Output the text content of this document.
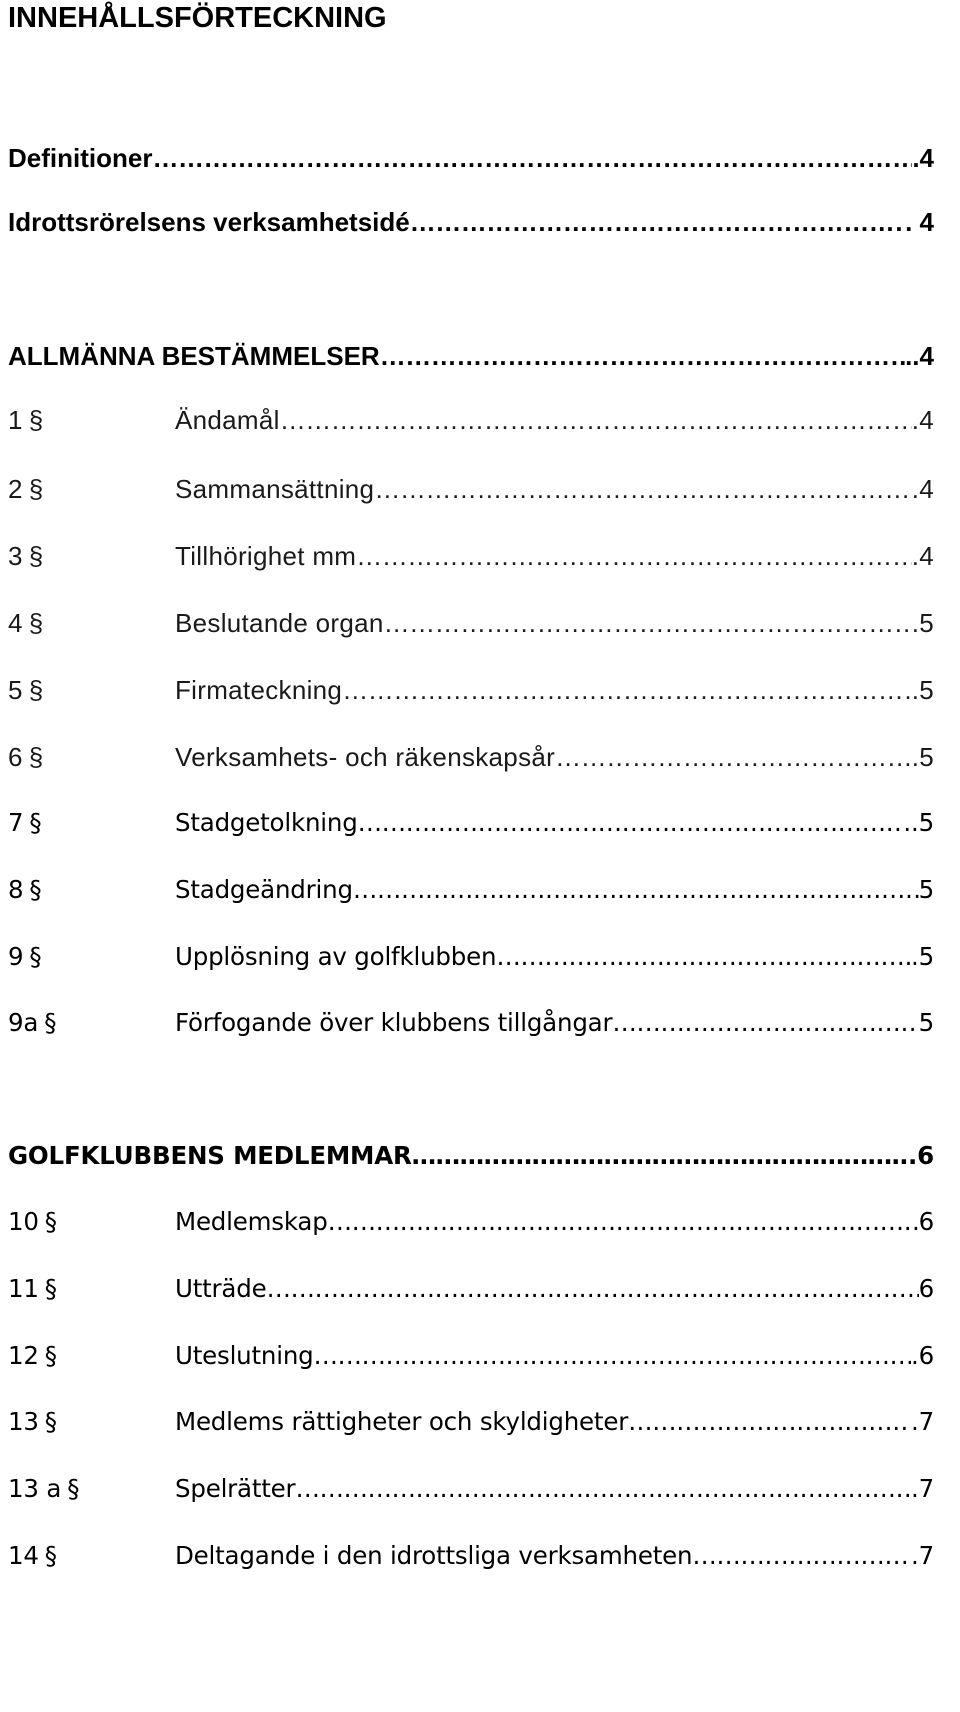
INNEHÅLLSFÖRTECKNING
Definitioner ……………………………………………………………………………………………………………………………………………………	.4
Idrottsrörelsens verksamhetsidé ……………………………………………………………………………………………………………………………………………………	. 4
ALLMÄNNA BESTÄMMELSER ……………………………………………………………………………………………………………………………………………………	..4
1 §	Ändamål ……………………………………………………………………………………………………………………………………………………	.4
2 §	Sammansättning ……………………………………………………………………………………………………………………………………………………	.4
3 §	Tillhörighet mm ……………………………………………………………………………………………………………………………………………………	.4
4 §	Beslutande organ ……………………………………………………………………………………………………………………………………………………	.5
5 §	Firmateckning ……………………………………………………………………………………………………………………………………………………	.5
6 §	Verksamhets- och räkenskapsår ……………………………………………………………………………………………………………………………………………………	..5
7 §	Stadgetolkning ……………………………………………………………………………………………………………………………………………………	..5
8 §	Stadgeändring ……………………………………………………………………………………………………………………………………………………	5
9 §	Upplösning av golfklubben ……………………………………………………………………………………………………………………………………………………	.5
9a §	Förfogande över klubbens tillgångar ……………………………………………………………………………………………………………………………………………………	5
GOLFKLUBBENS MEDLEMMAR ……………………………………………………………………………………………………………………………………………………	.6
10 §	Medlemskap ……………………………………………………………………………………………………………………………………………………	6
11 §	Utträde ……………………………………………………………………………………………………………………………………………………	6
12 §	Uteslutning ……………………………………………………………………………………………………………………………………………………	.6
13 §	Medlems rättigheter och skyldigheter ……………………………………………………………………………………………………………………………………………………	.7
13 a §	Spelrätter ……………………………………………………………………………………………………………………………………………………	.7
14 §	Deltagande i den idrottsliga verksamheten ……………………………………………………………………………………………………………………………………………………	.7
